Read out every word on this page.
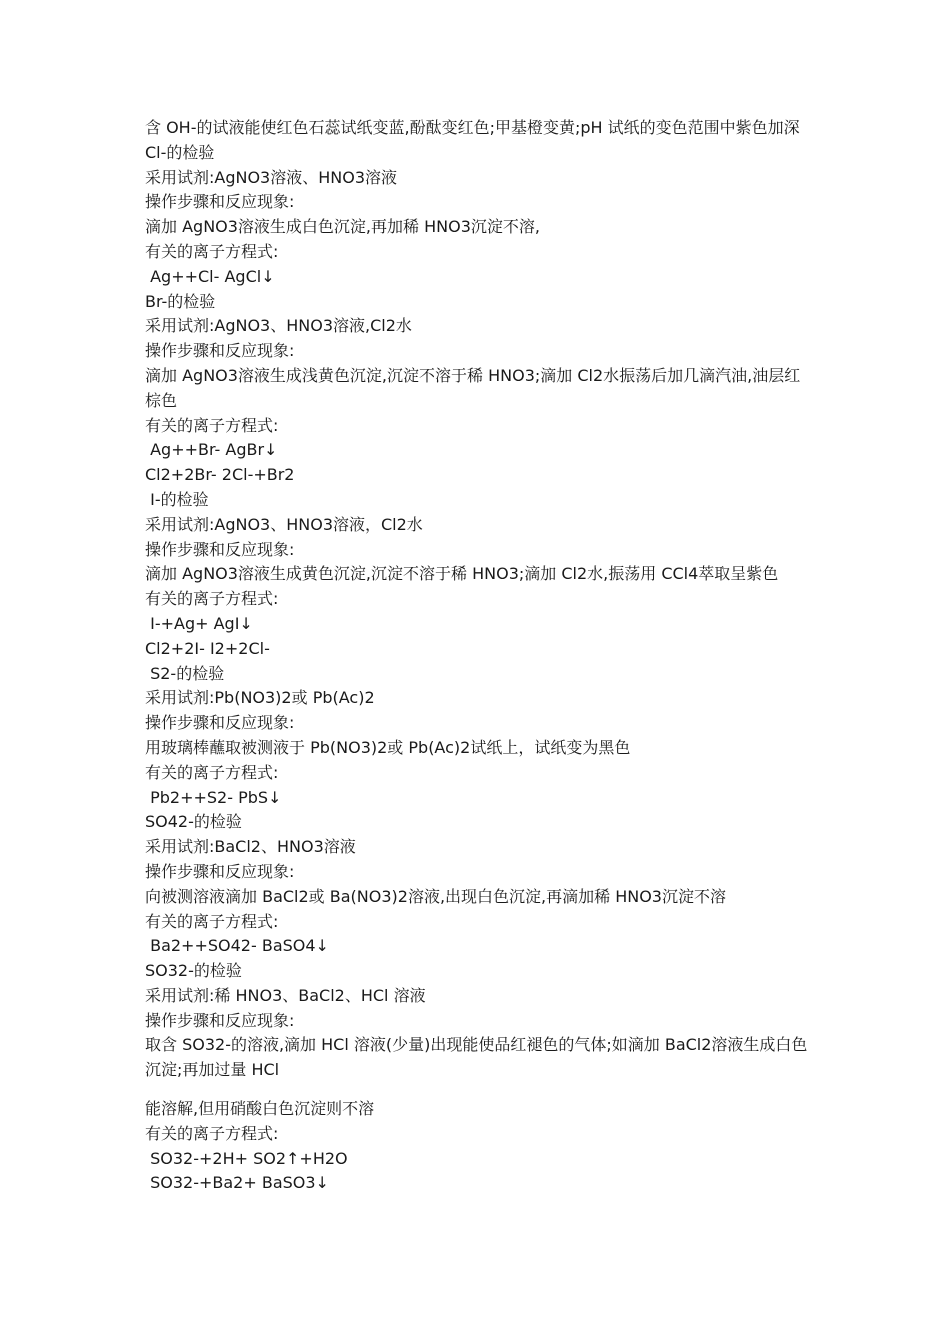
含 OH-的试液能使红色石蕊试纸变蓝,酚酞变红色;甲基橙变黄;pH 试纸的变色范围中紫色加深
Cl-的检验
采用试剂:AgNO3溶液、HNO3溶液
操作步骤和反应现象:
滴加 AgNO3溶液生成白色沉淀,再加稀 HNO3沉淀不溶,
有关的离子方程式:
Ag++Cl- AgCl↓
Br-的检验
采用试剂:AgNO3、HNO3溶液,Cl2水
操作步骤和反应现象:
滴加 AgNO3溶液生成浅黄色沉淀,沉淀不溶于稀 HNO3;滴加 Cl2水振荡后加几滴汽油,油层红棕色
有关的离子方程式:
Ag++Br- AgBr↓
Cl2+2Br- 2Cl-+Br2
I-的检验
采用试剂:AgNO3、HNO3溶液，Cl2水
操作步骤和反应现象:
滴加 AgNO3溶液生成黄色沉淀,沉淀不溶于稀 HNO3;滴加 Cl2水,振荡用 CCl4萃取呈紫色
有关的离子方程式:
I-+Ag+ AgI↓
Cl2+2I- I2+2Cl-
S2-的检验
采用试剂:Pb(NO3)2或 Pb(Ac)2
操作步骤和反应现象:
用玻璃棒蘸取被测液于 Pb(NO3)2或 Pb(Ac)2试纸上，试纸变为黑色
有关的离子方程式:
Pb2++S2- PbS↓
SO42-的检验
采用试剂:BaCl2、HNO3溶液
操作步骤和反应现象:
向被测溶液滴加 BaCl2或 Ba(NO3)2溶液,出现白色沉淀,再滴加稀 HNO3沉淀不溶
有关的离子方程式:
Ba2++SO42- BaSO4↓
SO32-的检验
采用试剂:稀 HNO3、BaCl2、HCl 溶液
操作步骤和反应现象:
取含 SO32-的溶液,滴加 HCl 溶液(少量)出现能使品红褪色的气体;如滴加 BaCl2溶液生成白色沉淀;再加过量 HCl
能溶解,但用硝酸白色沉淀则不溶
有关的离子方程式:
SO32-+2H+ SO2↑+H2O
SO32-+Ba2+ BaSO3↓
